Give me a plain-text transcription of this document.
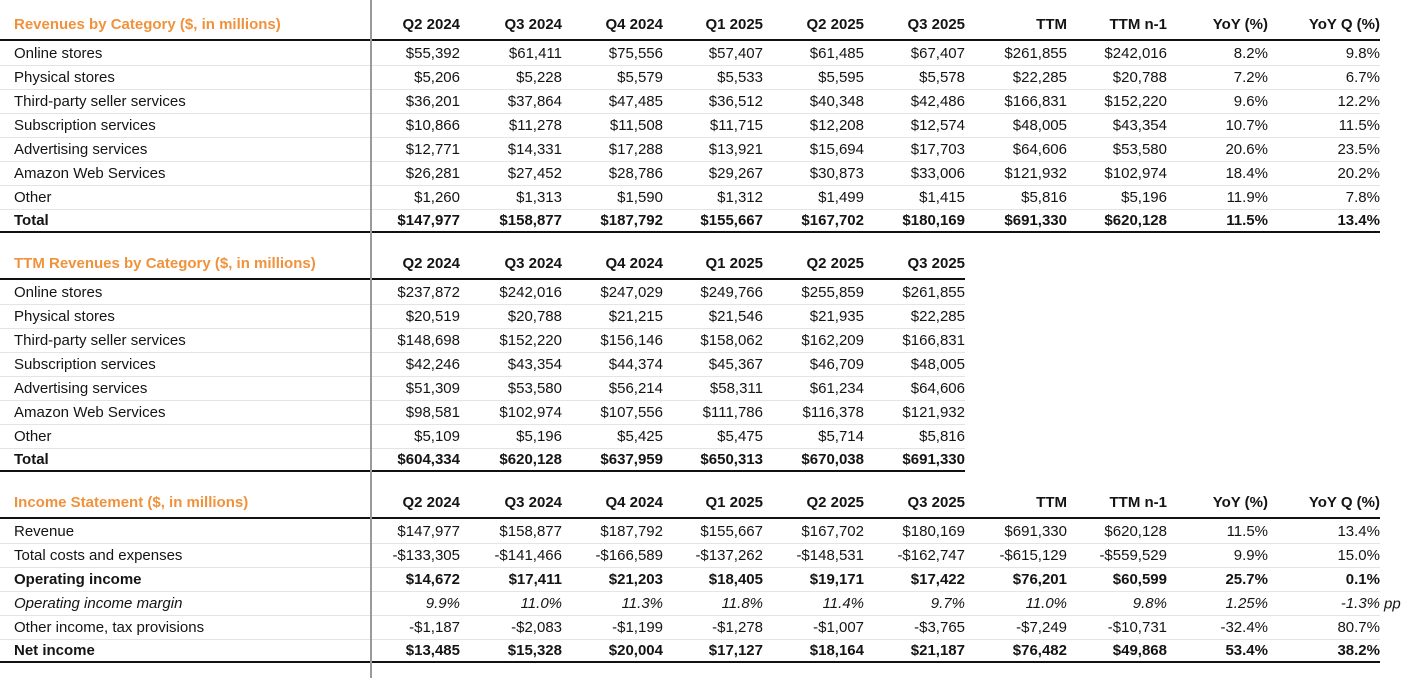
Revenues by Category ($, in millions)	Q2 2024	Q3 2024	Q4 2024	Q1 2025	Q2 2025	Q3 2025	TTM	TTM n-1	YoY (%)	YoY Q (%)
Online stores	$55,392	$61,411	$75,556	$57,407	$61,485	$67,407	$261,855	$242,016	8.2%	9.8%
Physical stores	$5,206	$5,228	$5,579	$5,533	$5,595	$5,578	$22,285	$20,788	7.2%	6.7%
Third-party seller services	$36,201	$37,864	$47,485	$36,512	$40,348	$42,486	$166,831	$152,220	9.6%	12.2%
Subscription services	$10,866	$11,278	$11,508	$11,715	$12,208	$12,574	$48,005	$43,354	10.7%	11.5%
Advertising services	$12,771	$14,331	$17,288	$13,921	$15,694	$17,703	$64,606	$53,580	20.6%	23.5%
Amazon Web Services	$26,281	$27,452	$28,786	$29,267	$30,873	$33,006	$121,932	$102,974	18.4%	20.2%
Other	$1,260	$1,313	$1,590	$1,312	$1,499	$1,415	$5,816	$5,196	11.9%	7.8%
Total	$147,977	$158,877	$187,792	$155,667	$167,702	$180,169	$691,330	$620,128	11.5%	13.4%
TTM Revenues by Category ($, in millions)	Q2 2024	Q3 2024	Q4 2024	Q1 2025	Q2 2025	Q3 2025
Online stores	$237,872	$242,016	$247,029	$249,766	$255,859	$261,855
Physical stores	$20,519	$20,788	$21,215	$21,546	$21,935	$22,285
Third-party seller services	$148,698	$152,220	$156,146	$158,062	$162,209	$166,831
Subscription services	$42,246	$43,354	$44,374	$45,367	$46,709	$48,005
Advertising services	$51,309	$53,580	$56,214	$58,311	$61,234	$64,606
Amazon Web Services	$98,581	$102,974	$107,556	$111,786	$116,378	$121,932
Other	$5,109	$5,196	$5,425	$5,475	$5,714	$5,816
Total	$604,334	$620,128	$637,959	$650,313	$670,038	$691,330
Income Statement ($, in millions)	Q2 2024	Q3 2024	Q4 2024	Q1 2025	Q2 2025	Q3 2025	TTM	TTM n-1	YoY (%)	YoY Q (%)
Revenue	$147,977	$158,877	$187,792	$155,667	$167,702	$180,169	$691,330	$620,128	11.5%	13.4%
Total costs and expenses	-$133,305	-$141,466	-$166,589	-$137,262	-$148,531	-$162,747	-$615,129	-$559,529	9.9%	15.0%
Operating income	$14,672	$17,411	$21,203	$18,405	$19,171	$17,422	$76,201	$60,599	25.7%	0.1%
Operating income margin	9.9%	11.0%	11.3%	11.8%	11.4%	9.7%	11.0%	9.8%	1.25%	-1.3% pp
Other income, tax provisions	-$1,187	-$2,083	-$1,199	-$1,278	-$1,007	-$3,765	-$7,249	-$10,731	-32.4%	80.7%
Net income	$13,485	$15,328	$20,004	$17,127	$18,164	$21,187	$76,482	$49,868	53.4%	38.2%
